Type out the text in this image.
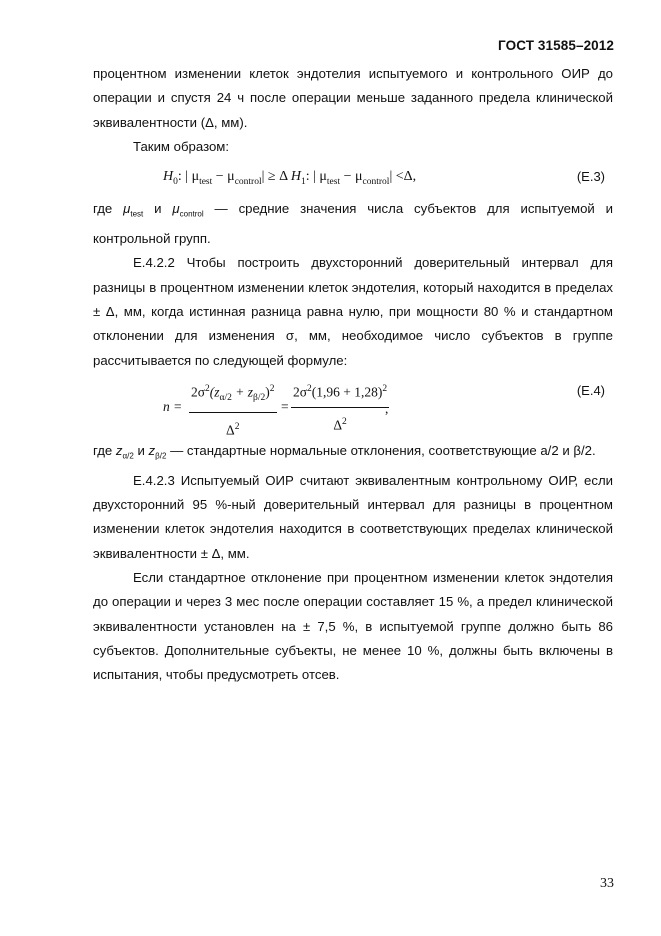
ГОСТ 31585–2012

процентном изменении клеток эндотелия испытуемого и контрольного ОИР до операции и спустя 24 ч после операции меньше заданного предела клинической эквивалентности (Δ, мм).

Таким образом:

$H_0$: | $\mu_{test} - \mu_{control}| \ge \Delta$ $H_1$: | $\mu_{test} - \mu_{control}| <\Delta$,	(Е.3)

где $\mu_{test}$ и $\mu_{control}$ — средние значения числа субъектов для испытуемой и контрольной групп.

Е.4.2.2 Чтобы построить двухсторонний доверительный интервал для разницы в процентном изменении клеток эндотелия, который находится в пределах ± Δ, мм, когда истинная разница равна нулю, при мощности 80 % и стандартном отклонении для изменения σ, мм, необходимое число субъектов в группе рассчитывается по следующей формуле:

$n = \frac{2\sigma^2(z_{\alpha/2} + z_{\beta/2})^2}{\Delta^2} = \frac{2\sigma^2(1,96 + 1,28)^2}{\Delta^2}$
,
(Е.4)

где $z_{\alpha/2}$ и $z_{\beta/2}$ — стандартные нормальные отклонения, соответствующие а/2 и β/2.

Е.4.2.3 Испытуемый ОИР считают эквивалентным контрольному ОИР, если двухсторонний 95 %-ный доверительный интервал для разницы в процентном изменении клеток эндотелия находится в соответствующих пределах клинической эквивалентности ± Δ, мм.

Если стандартное отклонение при процентном изменении клеток эндотелия до операции и через 3 мес после операции составляет 15 %, а предел клинической эквивалентности установлен на ± 7,5 %, в испытуемой группе должно быть 86 субъектов. Дополнительные субъекты, не менее 10 %, должны быть включены в испытания, чтобы предусмотреть отсев.

33
